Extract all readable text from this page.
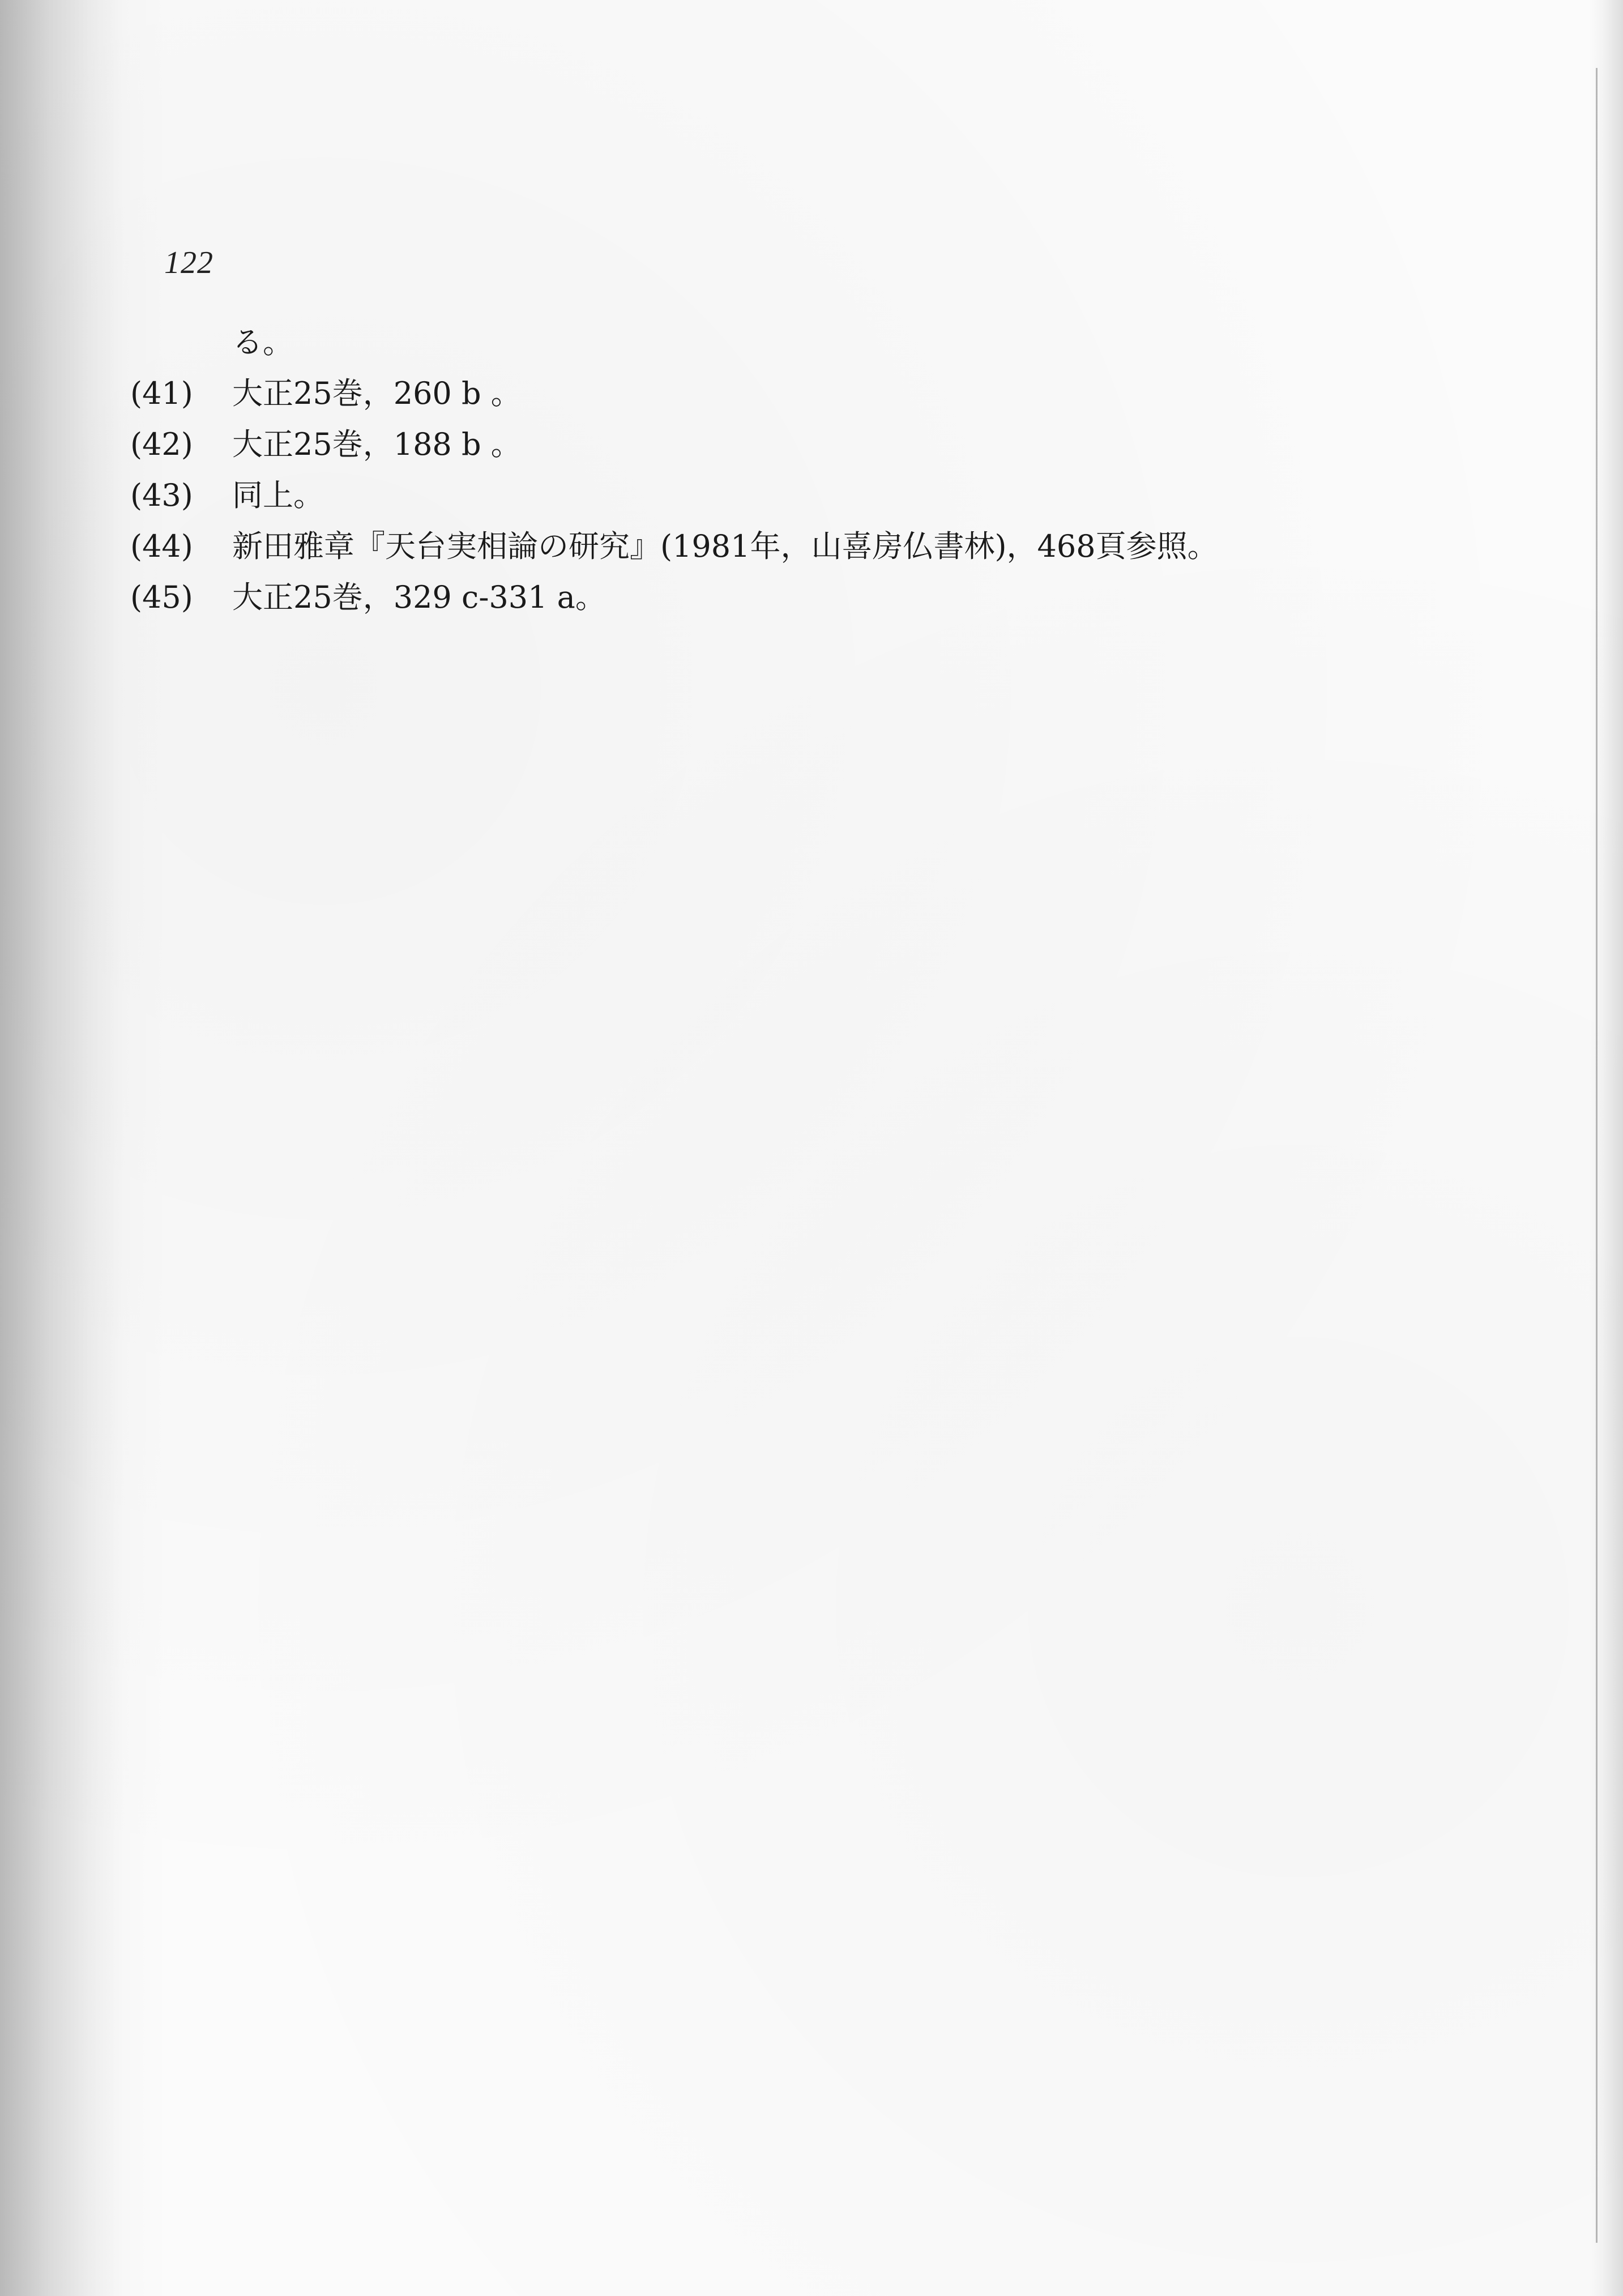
122
る。
(41)	大正25巻，260 b 。
(42)	大正25巻，188 b 。
(43)	同上。
(44)	新田雅章『天台実相論の研究』(1981年，山喜房仏書林)，468頁参照。
(45)	大正25巻，329 c-331 a。
